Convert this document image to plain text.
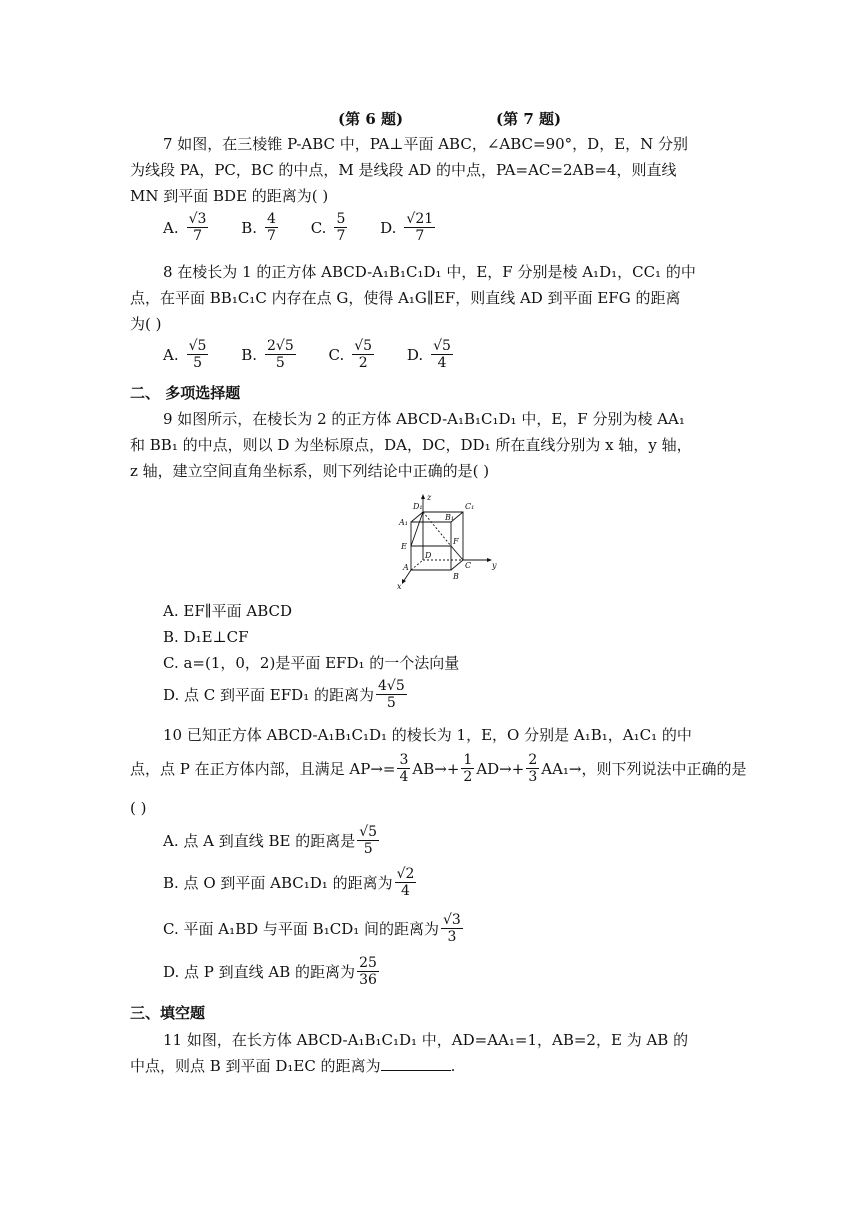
(第 6 题)	(第 7 题)
7 如图，在三棱锥 P-ABC 中，PA⊥平面 ABC，∠ABC=90°，D，E，N 分别
为线段 PA，PC，BC 的中点，M 是线段 AD 的中点，PA=AC=2AB=4，则直线
MN 到平面 BDE 的距离为( )
A. $\frac{√3}{7}$
B. $\frac{4}{7}$
C. $\frac{5}{7}$
D. $\frac{√21}{7}$
8 在棱长为 1 的正方体 ABCD-A₁B₁C₁D₁ 中，E，F 分别是棱 A₁D₁，CC₁ 的中
点，在平面 BB₁C₁C 内存在点 G，使得 A₁G∥EF，则直线 AD 到平面 EFG 的距离
为( )
A. $\frac{√5}{5}$
B. $\frac{2√5}{5}$
C. $\frac{√5}{2}$
D. $\frac{√5}{4}$
二、 多项选择题
9 如图所示，在棱长为 2 的正方体 ABCD-A₁B₁C₁D₁ 中，E，F 分别为棱 AA₁
和 BB₁ 的中点，则以 D 为坐标原点，DA，DC，DD₁ 所在直线分别为 x 轴，y 轴，
z 轴，建立空间直角坐标系，则下列结论中正确的是( )
D₁	C₁
A₁
B₁
E
D
F
A	C
B
x
y
z
A. EF∥平面 ABCD
B. D₁E⊥CF
C. a=(1，0，2)是平面 EFD₁ 的一个法向量
D. 点 C 到平面 EFD₁ 的距离为 $\frac{4√5}{5}$
10 已知正方体 ABCD-A₁B₁C₁D₁ 的棱长为 1，E，O 分别是 A₁B₁，A₁C₁ 的中
点，点 P 在正方体内部，且满足 $AP\to= \frac{3}{4} AB\to+ \frac{1}{2} AD\to+ \frac{2}{3} AA_1\to$，则下列说法中正确的是
( )
A. 点 A 到直线 BE 的距离是 $\frac{√5}{5}$
B. 点 O 到平面 ABC₁D₁ 的距离为 $\frac{√2}{4}$
C. 平面 A₁BD 与平面 B₁CD₁ 间的距离为 $\frac{√3}{3}$
D. 点 P 到直线 AB 的距离为 $\frac{25}{36}$
三、填空题
11 如图，在长方体 ABCD-A₁B₁C₁D₁ 中，AD=AA₁=1，AB=2，E 为 AB 的
中点，则点 B 到平面 D₁EC 的距离为	.
